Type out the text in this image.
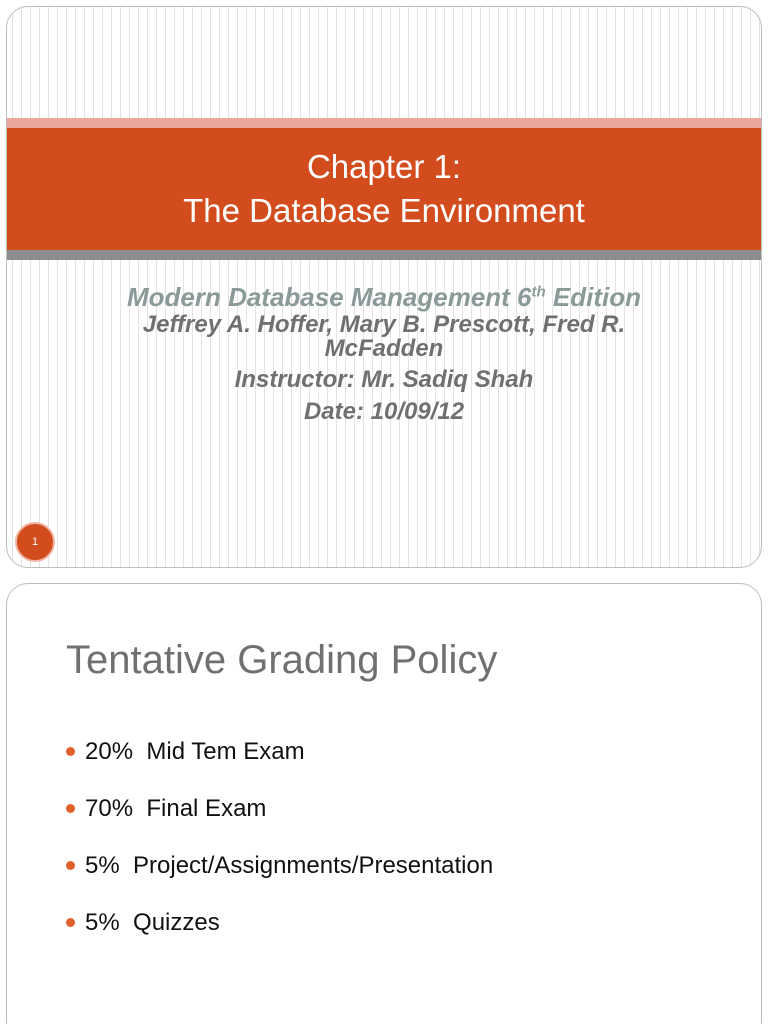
Chapter 1:
The Database Environment
Modern Database Management 6th Edition
Jeffrey A. Hoffer, Mary B. Prescott, Fred R. McFadden
Instructor: Mr. Sadiq Shah
Date: 10/09/12
1
Tentative Grading Policy
20%  Mid Tem Exam
70%  Final Exam
5%  Project/Assignments/Presentation
5%  Quizzes
